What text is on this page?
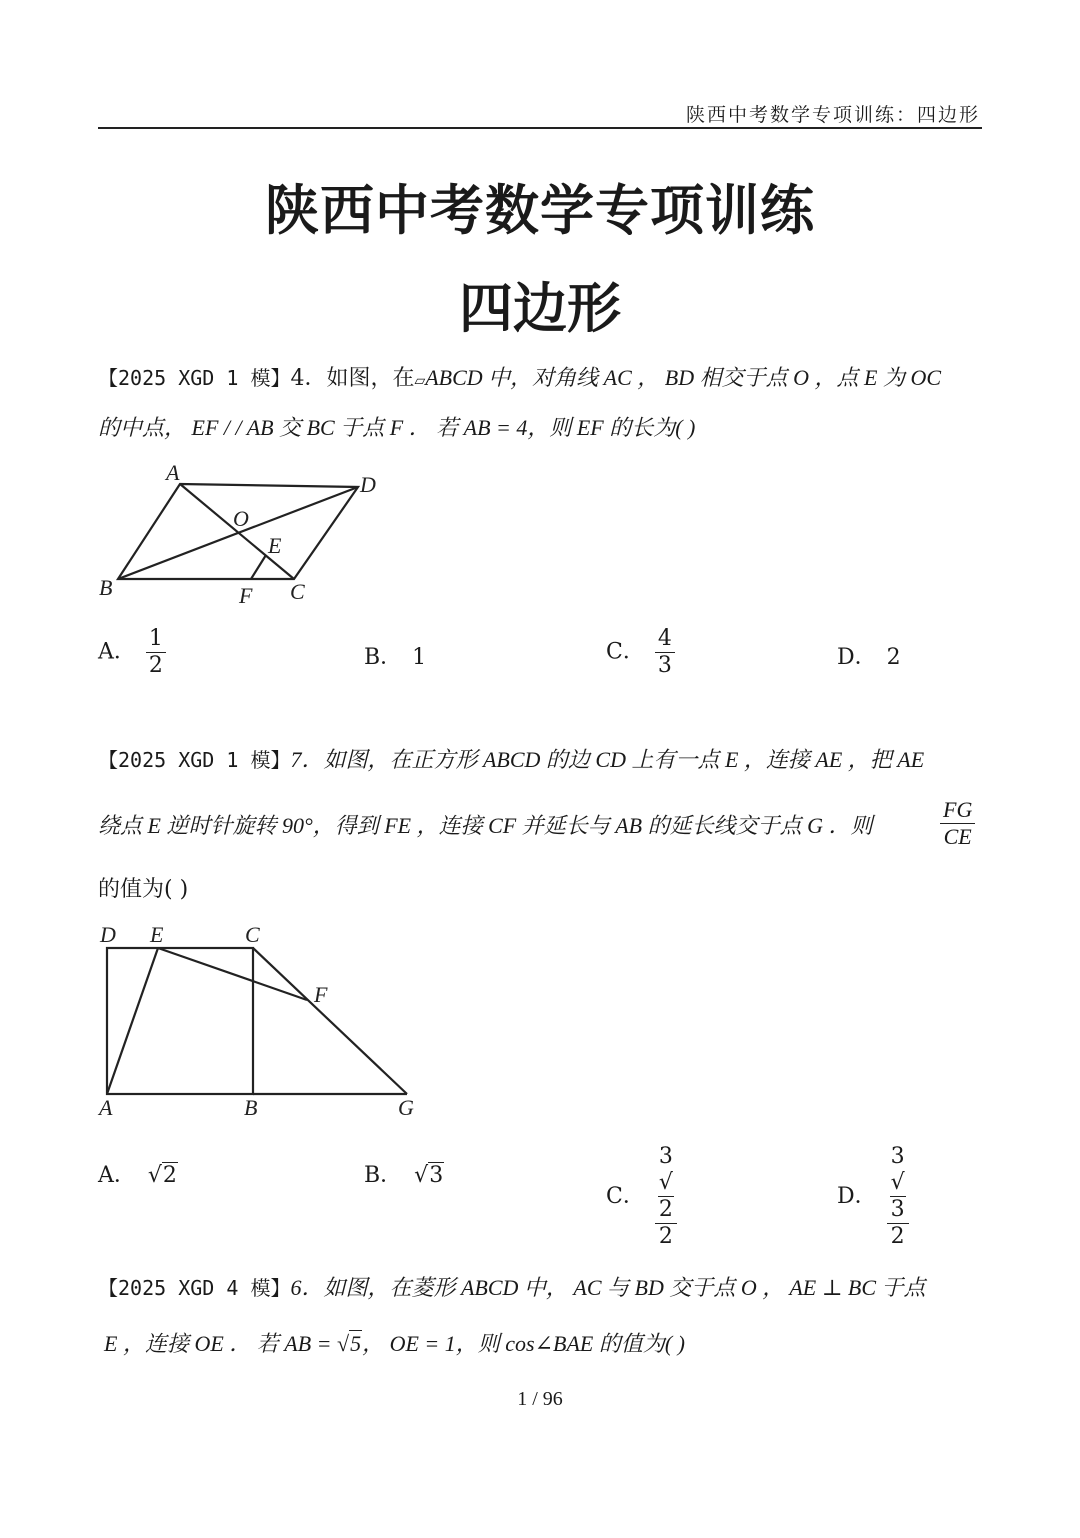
陕西中考数学专项训练：四边形
陕西中考数学专项训练
四边形
【2025 XGD 1 模】4．如图，在▱ABCD 中，对角线 AC ， BD 相交于点 O ，点 E 为 OC
的中点， EF / / AB 交 BC 于点 F ． 若 AB = 4，则 EF 的长为( )
A	D
O
E
B	F C
A． $\frac{1}{2}$	B． 1	C． $\frac{4}{3}$	D． 2
【2025 XGD 1 模】7．如图，在正方形 ABCD 的边 CD 上有一点 E ，连接 AE ，把 AE
绕点 E 逆时针旋转 90°，得到 FE ，连接 CF 并延长与 AB 的延长线交于点 G ．则	$\frac{FG}{CE}$
的值为( )
D E	C
F
A	B	G
A． √2	B． √3
C． 3
√
2
2	D． 3
√
3
2
【2025 XGD 4 模】6．如图，在菱形 ABCD 中， AC 与 BD 交于点 O ， AE ⊥ BC 于点
E ，连接 OE ． 若 AB = √5， OE = 1，则 cos∠BAE 的值为( )
1 / 96
